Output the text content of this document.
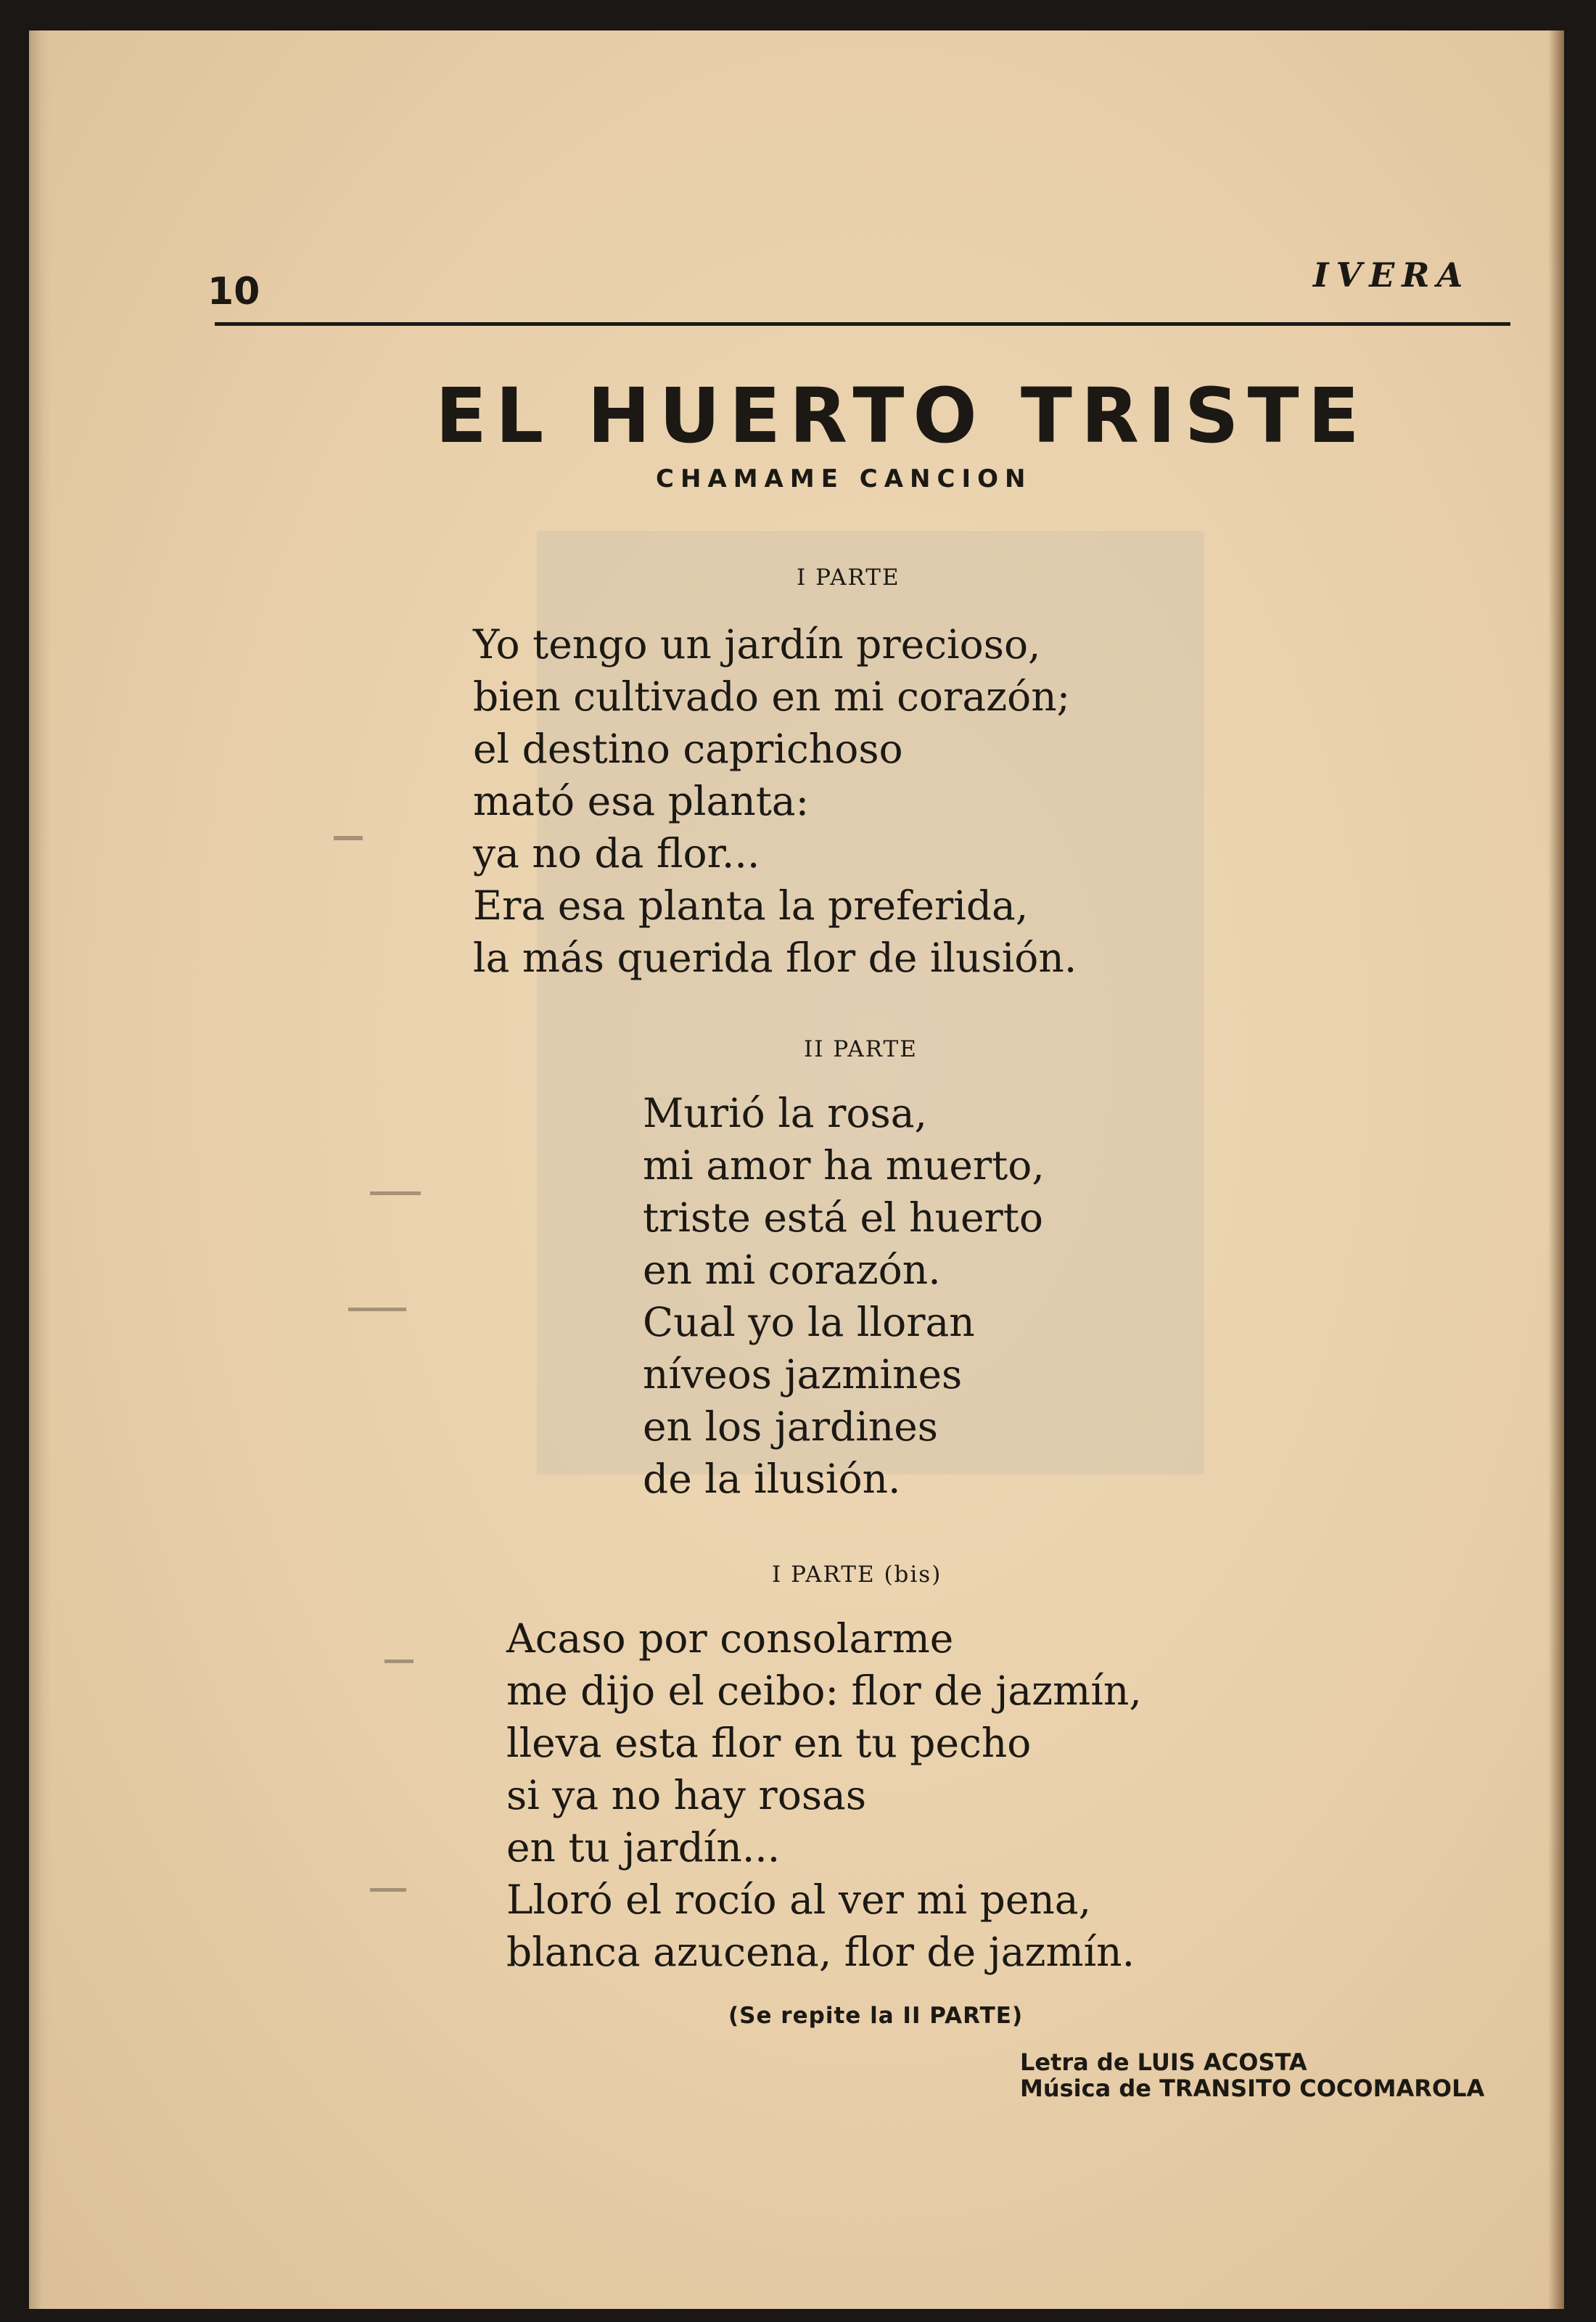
10	IVERA
EL HUERTO TRISTE
CHAMAME CANCION
I PARTE
Yo tengo un jardín precioso,
bien cultivado en mi corazón;
el destino caprichoso
mató esa planta:
ya no da flor...
Era esa planta la preferida,
la más querida flor de ilusión.
II PARTE
Murió la rosa,
mi amor ha muerto,
triste está el huerto
en mi corazón.
Cual yo la lloran
níveos jazmines
en los jardines
de la ilusión.
I PARTE (bis)
Acaso por consolarme
me dijo el ceibo: flor de jazmín,
lleva esta flor en tu pecho
si ya no hay rosas
en tu jardín...
Lloró el rocío al ver mi pena,
blanca azucena, flor de jazmín.
(Se repite la II PARTE)
Letra de LUIS ACOSTA
Música de TRANSITO COCOMAROLA
